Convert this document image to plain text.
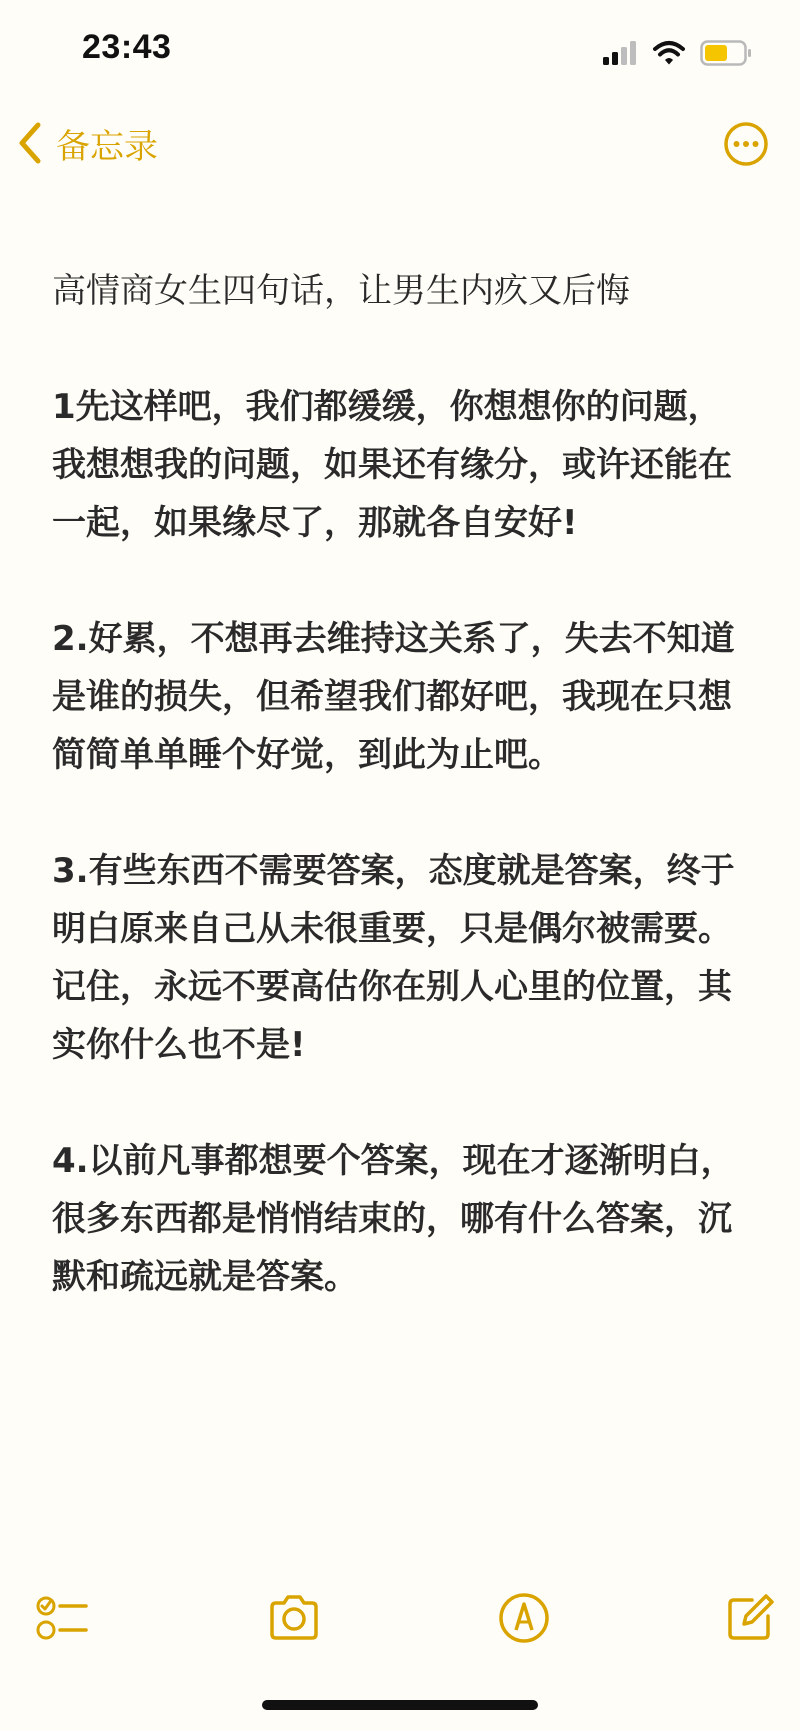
23:43
备忘录

高情商女生四句话，让男生内疚又后悔

1先这样吧，我们都缓缓，你想想你的问题，我想想我的问题，如果还有缘分，或许还能在一起，如果缘尽了，那就各自安好!

2.好累，不想再去维持这关系了，失去不知道是谁的损失，但希望我们都好吧，我现在只想简简单单睡个好觉，到此为止吧。

3.有些东西不需要答案，态度就是答案，终于明白原来自己从未很重要，只是偶尔被需要。记住，永远不要高估你在别人心里的位置，其实你什么也不是!

4.以前凡事都想要个答案，现在才逐渐明白，很多东西都是悄悄结束的，哪有什么答案，沉默和疏远就是答案。
